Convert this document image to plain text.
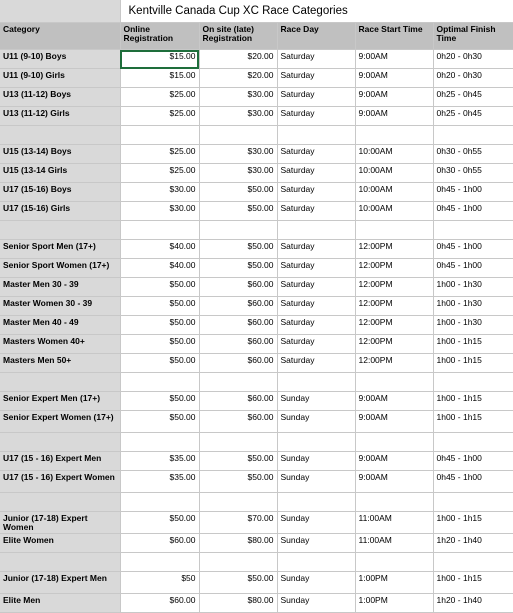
	Kentville Canada Cup XC Race Categories				
Category	Online Registration	On site (late) Registration	Race Day	Race Start Time	Optimal Finish Time
U11 (9-10) Boys	$15.00	$20.00	Saturday	9:00AM	0h20 - 0h30
U11 (9-10) Girls	$15.00	$20.00	Saturday	9:00AM	0h20 - 0h30
U13 (11-12) Boys	$25.00	$30.00	Saturday	9:00AM	0h25 - 0h45
U13 (11-12) Girls	$25.00	$30.00	Saturday	9:00AM	0h25 - 0h45

U15 (13-14) Boys	$25.00	$30.00	Saturday	10:00AM	0h30 - 0h55
U15 (13-14 Girls	$25.00	$30.00	Saturday	10:00AM	0h30 - 0h55
U17 (15-16) Boys	$30.00	$50.00	Saturday	10:00AM	0h45 - 1h00
U17 (15-16) Girls	$30.00	$50.00	Saturday	10:00AM	0h45 - 1h00

Senior Sport Men (17+)	$40.00	$50.00	Saturday	12:00PM	0h45 - 1h00
Senior Sport Women (17+)	$40.00	$50.00	Saturday	12:00PM	0h45 - 1h00
Master Men 30 - 39	$50.00	$60.00	Saturday	12:00PM	1h00 - 1h30
Master Women 30 - 39	$50.00	$60.00	Saturday	12:00PM	1h00 - 1h30
Master Men 40 - 49	$50.00	$60.00	Saturday	12:00PM	1h00 - 1h30
Masters Women 40+	$50.00	$60.00	Saturday	12:00PM	1h00 - 1h15
Masters Men 50+	$50.00	$60.00	Saturday	12:00PM	1h00 - 1h15

Senior Expert Men (17+)	$50.00	$60.00	Sunday	9:00AM	1h00 - 1h15
Senior Expert Women (17+)	$50.00	$60.00	Sunday	9:00AM	1h00 - 1h15

U17 (15 - 16) Expert Men	$35.00	$50.00	Sunday	9:00AM	0h45 - 1h00
U17 (15 - 16) Expert Women	$35.00	$50.00	Sunday	9:00AM	0h45 - 1h00

Junior (17-18) Expert Women	$50.00	$70.00	Sunday	11:00AM	1h00 - 1h15
Elite Women	$60.00	$80.00	Sunday	11:00AM	1h20 - 1h40

Junior (17-18) Expert Men	$50	$50.00	Sunday	1:00PM	1h00 - 1h15
Elite Men	$60.00	$80.00	Sunday	1:00PM	1h20 - 1h40
